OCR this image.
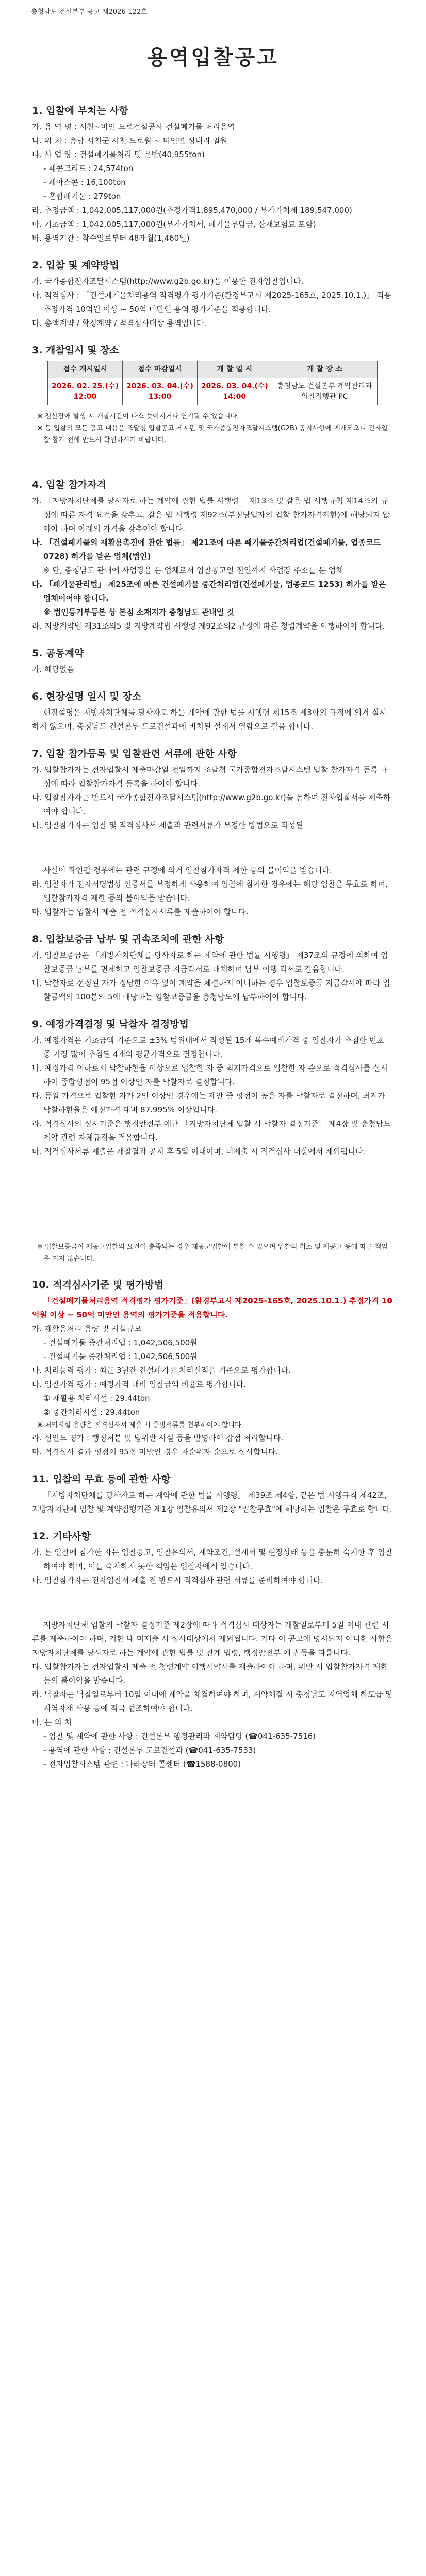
충청남도 건설본부 공고 제2026-122호
용역입찰공고

1. 입찰에 부치는 사항

가. 용 역 명 : 서천~비인 도로건설공사 건설폐기물 처리용역

나. 위 치 : 충남 서천군 서천 도로원 ~ 비인면 성내리 일원

다. 사 업 량 : 건설폐기물처리 및 운반(40,955ton)

- 폐콘크리트 : 24,574ton

- 폐아스콘 : 16,100ton

- 혼합폐기물 : 279ton

라. 추정금액 : 1,042,005,117,000원(추정가격1,895,470,000 / 부가가치세 189,547,000)

마. 기초금액 : 1,042,005,117,000원(부가가치세, 폐기물부담금, 산재보험료 포함)

바. 용역기간 : 착수일로부터 48개월(1,460일)

2. 입찰 및 계약방법

가. 국가종합전자조달시스템(http://www.g2b.go.kr)을 이용한 전자입찰입니다.

나. 적격심사 : 「건설폐기물처리용역 적격평가 평가기준(환경부고시 제2025-165호, 2025.10.1.)」 적용 추정가격 10억원 이상 ~ 50억 미만인 용역 평가기준을 적용합니다.

다. 총액계약 / 확정계약 / 적격심사대상 용역입니다.

3. 개찰일시 및 장소

접수 개시일시	접수 마감일시	개 찰 일 시	개 찰 장 소
2026. 02. 25.(수) 12:00	2026. 03. 04.(수) 13:00	2026. 03. 04.(수) 14:00	충청남도 건설본부 계약관리과 입찰집행관 PC

※ 전산장애 발생 시 개찰시간이 다소 늦어지거나 연기될 수 있습니다.

※ 동 입찰의 모든 공고 내용은 조달청 입찰공고 게시판 및 국가종합전자조달시스템(G2B) 공지사항에 게재되오니 전자입찰 참가 전에 반드시 확인하시기 바랍니다.

4. 입찰 참가자격

가. 「지방자치단체를 당사자로 하는 계약에 관한 법률 시행령」 제13조 및 같은 법 시행규칙 제14조의 규정에 따른 자격 요건을 갖추고, 같은 법 시행령 제92조(부정당업자의 입찰 참가자격제한)에 해당되지 않아야 하며 아래의 자격을 갖추어야 합니다.

나. 「건설폐기물의 재활용촉진에 관한 법률」 제21조에 따른 폐기물중간처리업(건설폐기물, 업종코드 0728) 허가를 받은 업체(법인)

※ 단, 충청남도 관내에 사업장을 둔 업체로서 입찰공고일 전일까지 사업장 주소를 둔 업체

다. 「폐기물관리법」 제25조에 따른 건설폐기물 중간처리업(건설폐기물, 업종코드 1253) 허가를 받은 업체이어야 합니다.

※ 법인등기부등본 상 본점 소재지가 충청남도 관내일 것

라. 지방계약법 제31조의5 및 지방계약법 시행령 제92조의2 규정에 따른 청렴계약을 이행하여야 합니다.

5. 공동계약

가. 해당없음

6. 현장설명 일시 및 장소

현장설명은 지방자치단체를 당사자로 하는 계약에 관한 법률 시행령 제15조 제3항의 규정에 의거 실시하지 않으며, 충청남도 건설본부 도로건설과에 비치된 설계서 열람으로 갈음 합니다.

7. 입찰 참가등록 및 입찰관련 서류에 관한 사항

가. 입찰참가자는 전자입찰서 제출마감일 전일까지 조달청 국가종합전자조달시스템 입찰 참가자격 등록 규정에 따라 입찰참가자격 등록을 하여야 합니다.

나. 입찰참가자는 반드시 국가종합전자조달시스템(http://www.g2b.go.kr)을 통하여 전자입찰서를 제출하여야 합니다.

다. 입찰참가자는 입찰 및 적격심사서 제출과 관련서류가 부정한 방법으로 작성된

사실이 확인될 경우에는 관련 규정에 의거 입찰참가자격 제한 등의 불이익을 받습니다.

라. 입찰자가 전자서명법상 인증서를 부정하게 사용하여 입찰에 참가한 경우에는 해당 입찰을 무효로 하며, 입찰참가자격 제한 등의 불이익을 받습니다.

마. 입찰자는 입찰서 제출 전 적격심사서류를 제출하여야 합니다.

8. 입찰보증금 납부 및 귀속조치에 관한 사항

가. 입찰보증금은 「지방자치단체를 당사자로 하는 계약에 관한 법률 시행령」 제37조의 규정에 의하여 입찰보증금 납부를 면제하고 입찰보증금 지급각서로 대체하며 납부 이행 각서로 갈음합니다.

나. 낙찰자로 선정된 자가 정당한 이유 없이 계약을 체결하지 아니하는 경우 입찰보증금 지급각서에 따라 입찰금액의 100분의 5에 해당하는 입찰보증금을 충청남도에 납부하여야 합니다.

9. 예정가격결정 및 낙찰자 결정방법

가. 예정가격은 기초금액 기준으로 ±3% 범위내에서 작성된 15개 복수예비가격 중 입찰자가 추첨한 번호 중 가장 많이 추첨된 4개의 평균가격으로 결정합니다.

나. 예정가격 이하로서 낙찰하한율 이상으로 입찰한 자 중 최저가격으로 입찰한 자 순으로 적격심사를 실시하여 종합평점이 95점 이상인 자를 낙찰자로 결정합니다.

다. 동일 가격으로 입찰한 자가 2인 이상인 경우에는 제안 중 평점이 높은 자를 낙찰자로 결정하며, 최저가 낙찰하한율은 예정가격 대비 87.995% 이상입니다.

라. 적격심사의 심사기준은 행정안전부 예규 「지방자치단체 입찰 시 낙찰자 결정기준」 제4장 및 충청남도 계약 관련 자체규정을 적용합니다.

마. 적격심사서류 제출은 개찰결과 공지 후 5일 이내이며, 미제출 시 적격심사 대상에서 제외됩니다.

※ 입찰보증금이 재공고입찰의 요건이 충족되는 경우 재공고입찰에 부칠 수 있으며 입찰의 취소 및 재공고 등에 따른 책임을 지지 않습니다.

10. 적격심사기준 및 평가방법

「건설폐기물처리용역 적격평가 평가기준」(환경부고시 제2025-165호, 2025.10.1.) 추정가격 10억원 이상 ~ 50억 미만인 용역의 평가기준을 적용합니다.

가. 재활용처리 용량 및 시설규모

- 건설폐기물 중간처리업 : 1,042,506,500원

- 건설폐기물 중간처리업 : 1,042,506,500원

나. 처리능력 평가 : 최근 3년간 건설폐기물 처리실적을 기준으로 평가합니다.

다. 입찰가격 평가 : 예정가격 대비 입찰금액 비율로 평가합니다.

① 재활용 처리시설 : 29.44ton

② 중간처리시설 : 29.44ton

※ 처리시설 용량은 적격심사서 제출 시 증빙서류를 첨부하여야 합니다.

라. 신인도 평가 : 행정처분 및 법위반 사실 등을 반영하여 감점 처리합니다.

마. 적격심사 결과 평점이 95점 미만인 경우 차순위자 순으로 심사합니다.

11. 입찰의 무효 등에 관한 사항

「지방자치단체를 당사자로 하는 계약에 관한 법률 시행령」 제39조 제4항, 같은 법 시행규칙 제42조, 지방자치단체 입찰 및 계약집행기준 제1장 입찰유의서 제2장 "입찰무효"에 해당하는 입찰은 무효로 합니다.

12. 기타사항

가. 본 입찰에 참가한 자는 입찰공고, 입찰유의서, 계약조건, 설계서 및 현장상태 등을 충분히 숙지한 후 입찰하여야 하며, 이를 숙지하지 못한 책임은 입찰자에게 있습니다.

나. 입찰참가자는 전자입찰서 제출 전 반드시 적격심사 관련 서류를 준비하여야 합니다.

지방자치단체 입찰의 낙찰자 결정기준 제2장에 따라 적격심사 대상자는 개찰일로부터 5일 이내 관련 서류를 제출하여야 하며, 기한 내 미제출 시 심사대상에서 제외됩니다. 기타 이 공고에 명시되지 아니한 사항은 지방자치단체를 당사자로 하는 계약에 관한 법률 및 관계 법령, 행정안전부 예규 등을 따릅니다.

다. 입찰참가자는 전자입찰서 제출 전 청렴계약 이행서약서를 제출하여야 하며, 위반 시 입찰참가자격 제한 등의 불이익을 받습니다.

라. 낙찰자는 낙찰일로부터 10일 이내에 계약을 체결하여야 하며, 계약체결 시 충청남도 지역업체 하도급 및 지역자재 사용 등에 적극 협조하여야 합니다.

마. 문 의 처

- 입찰 및 계약에 관한 사항 : 건설본부 행정관리과 계약담당 (☎041-635-7516)

- 용역에 관한 사항 : 건설본부 도로건설과 (☎041-635-7533)

- 전자입찰시스템 관련 : 나라장터 콜센터 (☎1588-0800)
